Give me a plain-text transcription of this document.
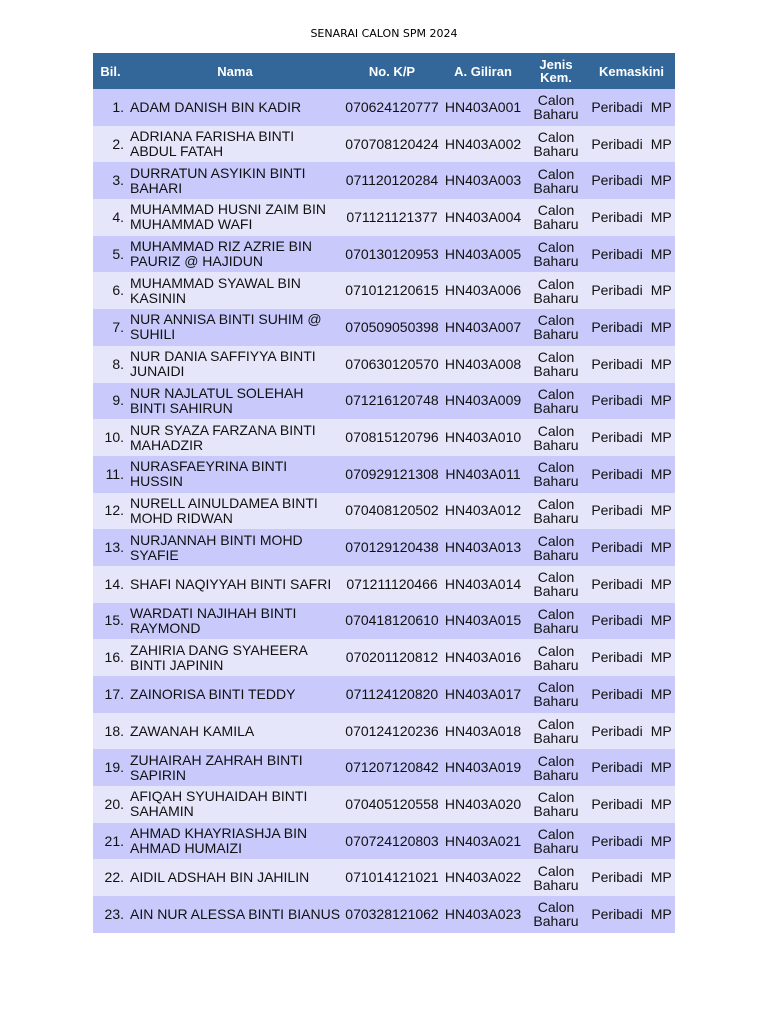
SENARAI CALON SPM 2024
Bil.	Nama	No. K/P	A. Giliran	Jenis
Kem.	Kemaskini
1.	ADAM DANISH BIN KADIR	070624120777	HN403A001	Calon
Baharu	Peribadi MP
2.	ADRIANA FARISHA BINTI ABDUL FATAH	070708120424	HN403A002	Calon
Baharu	Peribadi MP
3.	DURRATUN ASYIKIN BINTI BAHARI	071120120284	HN403A003	Calon
Baharu	Peribadi MP
4.	MUHAMMAD HUSNI ZAIM BIN MUHAMMAD WAFI	071121121377	HN403A004	Calon
Baharu	Peribadi MP
5.	MUHAMMAD RIZ AZRIE BIN PAURIZ @ HAJIDUN	070130120953	HN403A005	Calon
Baharu	Peribadi MP
6.	MUHAMMAD SYAWAL BIN KASININ	071012120615	HN403A006	Calon
Baharu	Peribadi MP
7.	NUR ANNISA BINTI SUHIM @ SUHILI	070509050398	HN403A007	Calon
Baharu	Peribadi MP
8.	NUR DANIA SAFFIYYA BINTI JUNAIDI	070630120570	HN403A008	Calon
Baharu	Peribadi MP
9.	NUR NAJLATUL SOLEHAH BINTI SAHIRUN	071216120748	HN403A009	Calon
Baharu	Peribadi MP
10.	NUR SYAZA FARZANA BINTI MAHADZIR	070815120796	HN403A010	Calon
Baharu	Peribadi MP
11.	NURASFAEYRINA BINTI HUSSIN	070929121308	HN403A011	Calon
Baharu	Peribadi MP
12.	NURELL AINULDAMEA BINTI MOHD RIDWAN	070408120502	HN403A012	Calon
Baharu	Peribadi MP
13.	NURJANNAH BINTI MOHD SYAFIE	070129120438	HN403A013	Calon
Baharu	Peribadi MP
14.	SHAFI NAQIYYAH BINTI SAFRI	071211120466	HN403A014	Calon
Baharu	Peribadi MP
15.	WARDATI NAJIHAH BINTI RAYMOND	070418120610	HN403A015	Calon
Baharu	Peribadi MP
16.	ZAHIRIA DANG SYAHEERA BINTI JAPININ	070201120812	HN403A016	Calon
Baharu	Peribadi MP
17.	ZAINORISA BINTI TEDDY	071124120820	HN403A017	Calon
Baharu	Peribadi MP
18.	ZAWANAH KAMILA	070124120236	HN403A018	Calon
Baharu	Peribadi MP
19.	ZUHAIRAH ZAHRAH BINTI SAPIRIN	071207120842	HN403A019	Calon
Baharu	Peribadi MP
20.	AFIQAH SYUHAIDAH BINTI SAHAMIN	070405120558	HN403A020	Calon
Baharu	Peribadi MP
21.	AHMAD KHAYRIASHJA BIN AHMAD HUMAIZI	070724120803	HN403A021	Calon
Baharu	Peribadi MP
22.	AIDIL ADSHAH BIN JAHILIN	071014121021	HN403A022	Calon
Baharu	Peribadi MP
23.	AIN NUR ALESSA BINTI BIANUS	070328121062	HN403A023	Calon
Baharu	Peribadi MP
